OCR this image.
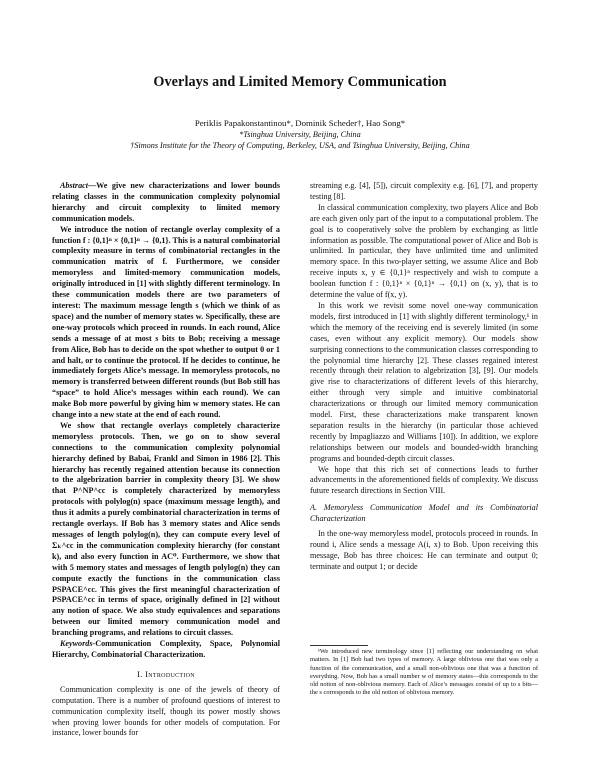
Overlays and Limited Memory Communication
Periklis Papakonstantinou*, Dominik Scheder†, Hao Song*
*Tsinghua University, Beijing, China
†Simons Institute for the Theory of Computing, Berkeley, USA, and Tsinghua University, Beijing, China

Abstract—We give new characterizations and lower bounds relating classes in the communication complexity polynomial hierarchy and circuit complexity to limited memory communication models.

We introduce the notion of rectangle overlay complexity of a function f : {0,1}ⁿ × {0,1}ⁿ → {0,1}. This is a natural combinatorial complexity measure in terms of combinatorial rectangles in the communication matrix of f. Furthermore, we consider memoryless and limited-memory communication models, originally introduced in [1] with slightly different terminology. In these communication models there are two parameters of interest: The maximum message length s (which we think of as space) and the number of memory states w. Specifically, these are one-way protocols which proceed in rounds. In each round, Alice sends a message of at most s bits to Bob; receiving a message from Alice, Bob has to decide on the spot whether to output 0 or 1 and halt, or to continue the protocol. If he decides to continue, he immediately forgets Alice’s message. In memoryless protocols, no memory is transferred between different rounds (but Bob still has “space” to hold Alice’s messages within each round). We can make Bob more powerful by giving him w memory states. He can change into a new state at the end of each round.

We show that rectangle overlays completely characterize memoryless protocols. Then, we go on to show several connections to the communication complexity polynomial hierarchy defined by Babai, Frankl and Simon in 1986 [2]. This hierarchy has recently regained attention because its connection to the algebrization barrier in complexity theory [3]. We show that P^NP^cc is completely characterized by memoryless protocols with polylog(n) space (maximum message length), and thus it admits a purely combinatorial characterization in terms of rectangle overlays. If Bob has 3 memory states and Alice sends messages of length polylog(n), they can compute every level of Σₖ^cc in the communication complexity hierarchy (for constant k), and also every function in AC⁰. Furthermore, we show that with 5 memory states and messages of length polylog(n) they can compute exactly the functions in the communication class PSPACE^cc. This gives the first meaningful characterization of PSPACE^cc in terms of space, originally defined in [2] without any notion of space. We also study equivalences and separations between our limited memory communication model and branching programs, and relations to circuit classes.

Keywords-Communication Complexity, Space, Polynomial Hierarchy, Combinatorial Characterization.

I. Introduction

Communication complexity is one of the jewels of theory of computation. There is a number of profound questions of interest to communication complexity itself, though its power mostly shows when proving lower bounds for other models of computation. For instance, lower bounds for

streaming e.g. [4], [5]), circuit complexity e.g. [6], [7], and property testing [8].

In classical communication complexity, two players Alice and Bob are each given only part of the input to a computational problem. The goal is to cooperatively solve the problem by exchanging as little information as possible. The computational power of Alice and Bob is unlimited. In particular, they have unlimited time and unlimited memory space. In this two-player setting, we assume Alice and Bob receive inputs x, y ∈ {0,1}ⁿ respectively and wish to compute a boolean function f : {0,1}ⁿ × {0,1}ⁿ → {0,1} on (x, y), that is to determine the value of f(x, y).

In this work we revisit some novel one-way communication models, first introduced in [1] with slightly different terminology,¹ in which the memory of the receiving end is severely limited (in some cases, even without any explicit memory). Our models show surprising connections to the communication classes corresponding to the polynomial time hierarchy [2]. These classes regained interest recently through their relation to algebrization [3], [9]. Our models give rise to characterizations of different levels of this hierarchy, either through very simple and intuitive combinatorial characterizations or through our limited memory communication model. First, these characterizations make transparent known separation results in the hierarchy (in particular those achieved recently by Impagliazzo and Williams [10]). In addition, we explore relationships between our models and bounded-width branching programs and bounded-depth circuit classes.

We hope that this rich set of connections leads to further advancements in the aforementioned fields of complexity. We discuss future research directions in Section VIII.

A. Memoryless Communication Model and its Combinatorial Characterization

In the one-way memoryless model, protocols proceed in rounds. In round i, Alice sends a message A(i, x) to Bob. Upon receiving this message, Bob has three choices: He can terminate and output 0; terminate and output 1; or decide

¹We introduced new terminology since [1] reflecting our understanding on what matters. In [1] Bob had two types of memory. A large oblivious one that was only a function of the communication, and a small non-oblivious one that was a function of everything. Now, Bob has a small number w of memory states—this corresponds to the old notion of non-oblivious memory. Each of Alice’s messages consist of up to s bits—the s corresponds to the old notion of oblivious memory.
